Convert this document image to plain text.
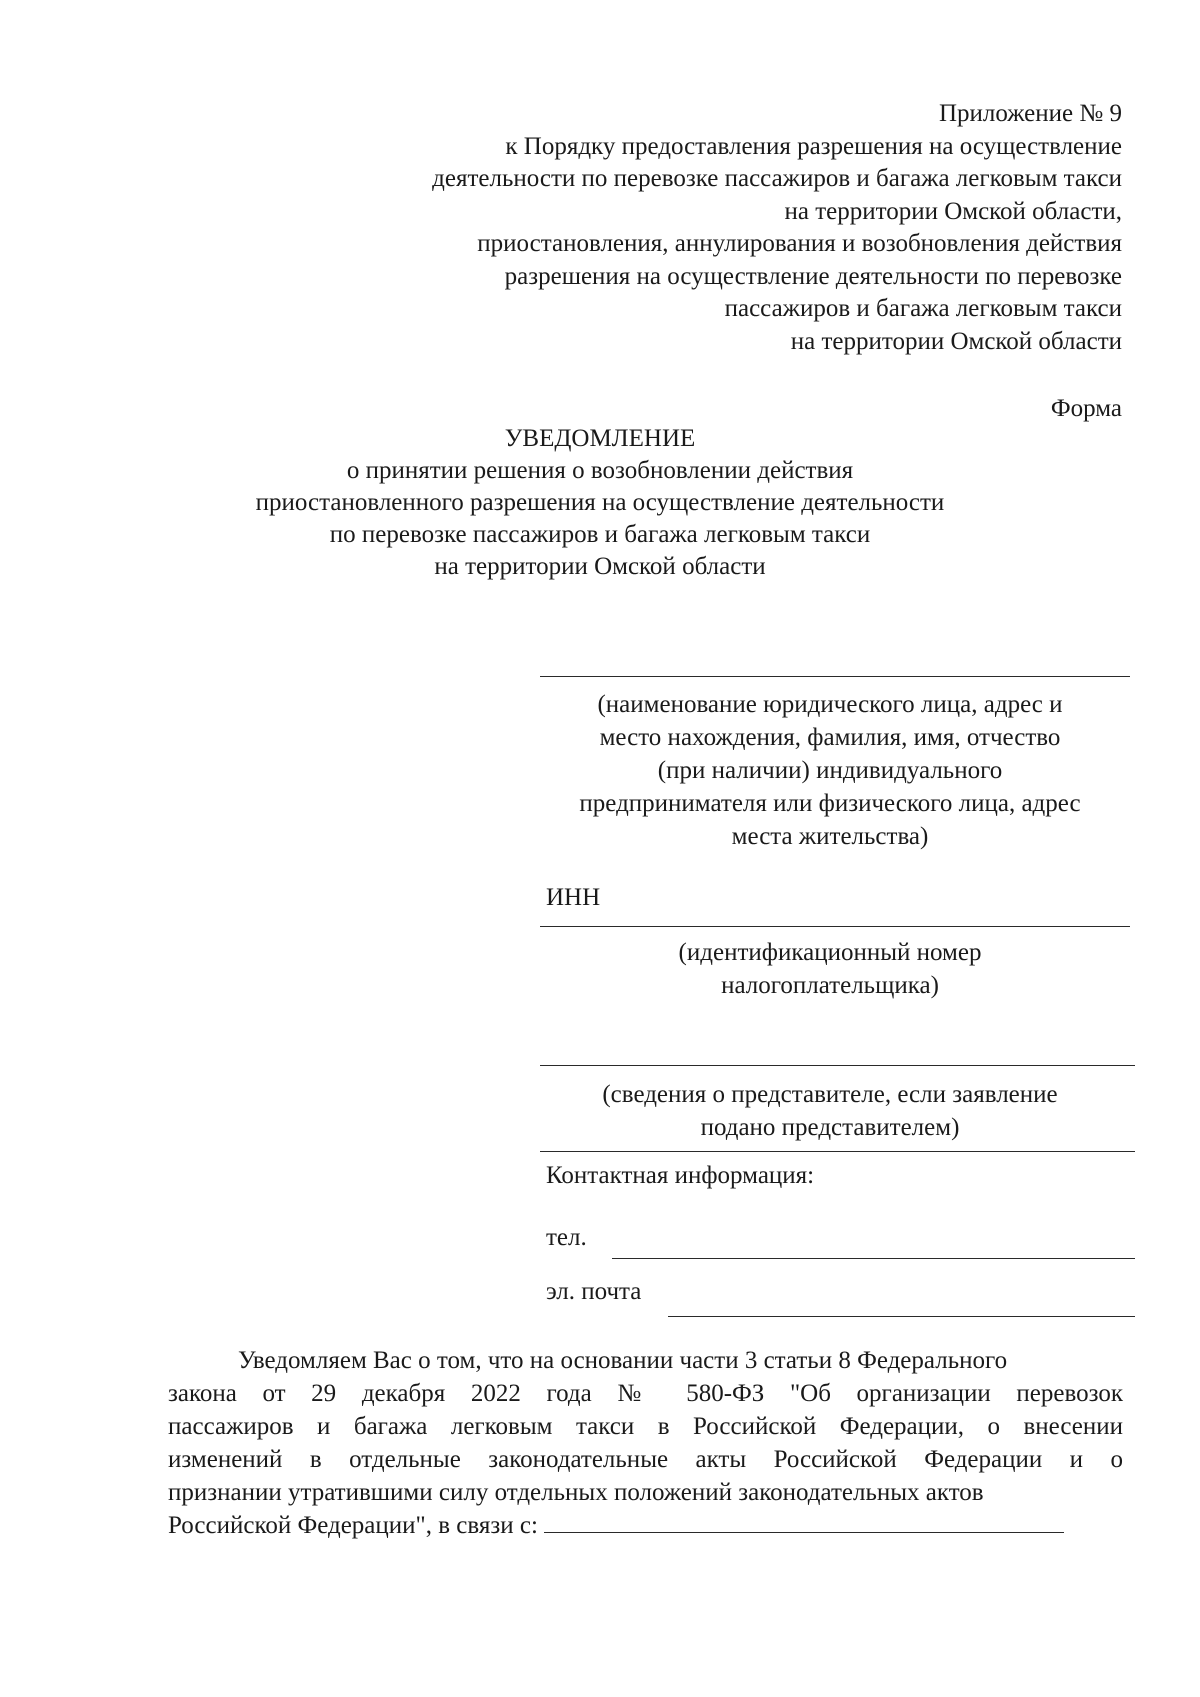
Приложение № 9
к Порядку предоставления разрешения на осуществление
деятельности по перевозке пассажиров и багажа легковым такси
на территории Омской области,
приостановления, аннулирования и возобновления действия
разрешения на осуществление деятельности по перевозке
пассажиров и багажа легковым такси
на территории Омской области
Форма
УВЕДОМЛЕНИЕ
о принятии решения о возобновлении действия
приостановленного разрешения на осуществление деятельности
по перевозке пассажиров и багажа легковым такси
на территории Омской области
(наименование юридического лица, адрес и
место нахождения, фамилия, имя, отчество
(при наличии) индивидуального
предпринимателя или физического лица, адрес
места жительства)
ИНН
(идентификационный номер
налогоплательщика)
(сведения о представителе, если заявление
подано представителем)
Контактная информация:
тел.
эл. почта
Уведомляем Вас о том, что на основании части 3 статьи 8 Федерального
закона от 29 декабря 2022 года № 580-ФЗ "Об организации перевозок
пассажиров и багажа легковым такси в Российской Федерации, о внесении
изменений в отдельные законодательные акты Российской Федерации и о
признании утратившими силу отдельных положений законодательных актов
Российской Федерации", в связи с:
